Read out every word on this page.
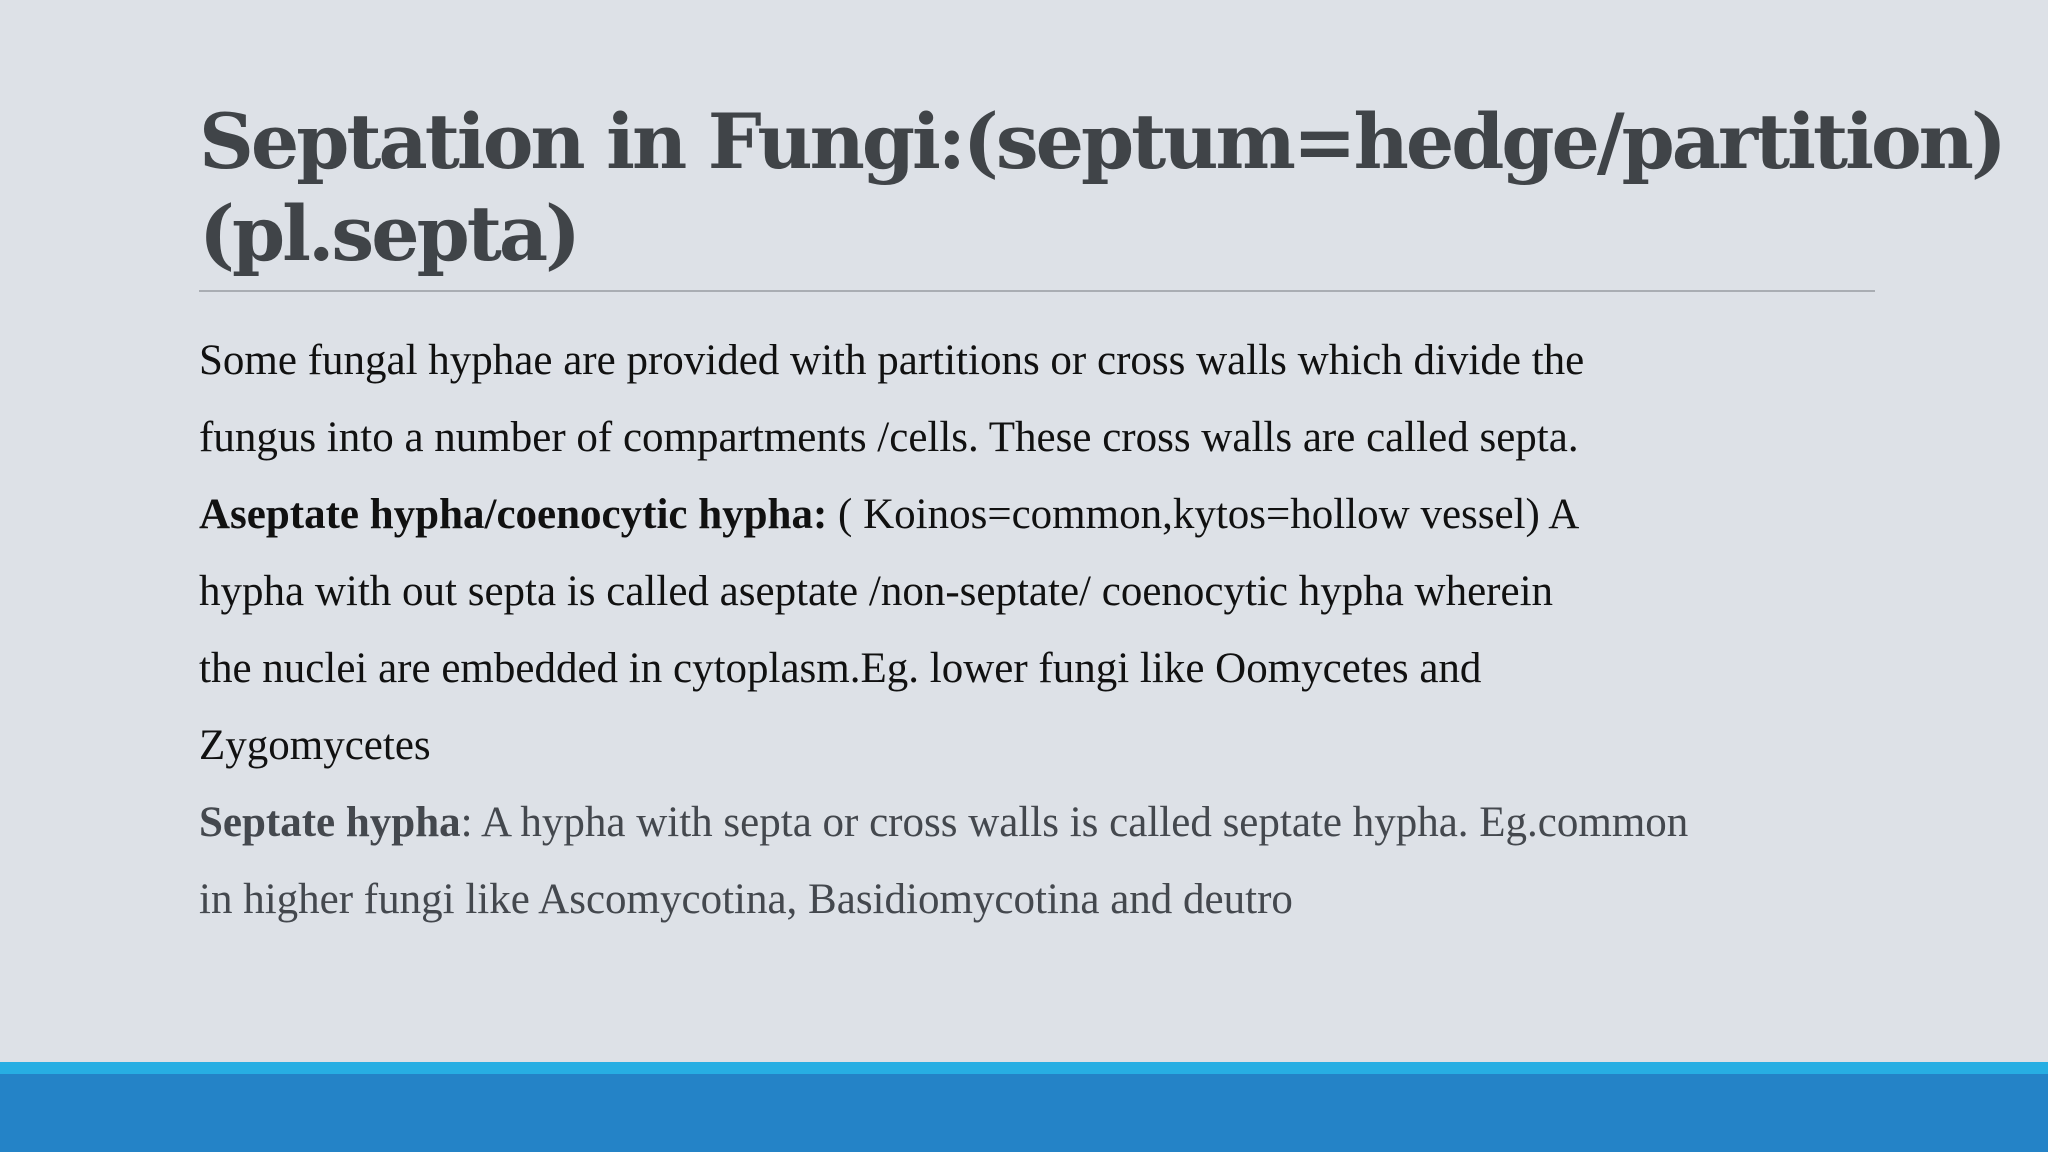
Septation in Fungi:(septum=hedge/partition)
(pl.septa)
Some fungal hyphae are provided with partitions or cross walls which divide the
fungus into a number of compartments /cells. These cross walls are called septa.
Aseptate hypha/coenocytic hypha: ( Koinos=common,kytos=hollow vessel) A
hypha with out septa is called aseptate /non-septate/ coenocytic hypha wherein
the nuclei are embedded in cytoplasm.Eg. lower fungi like Oomycetes and
Zygomycetes
Septate hypha: A hypha with septa or cross walls is called septate hypha. Eg.common
in higher fungi like Ascomycotina, Basidiomycotina and deutro
